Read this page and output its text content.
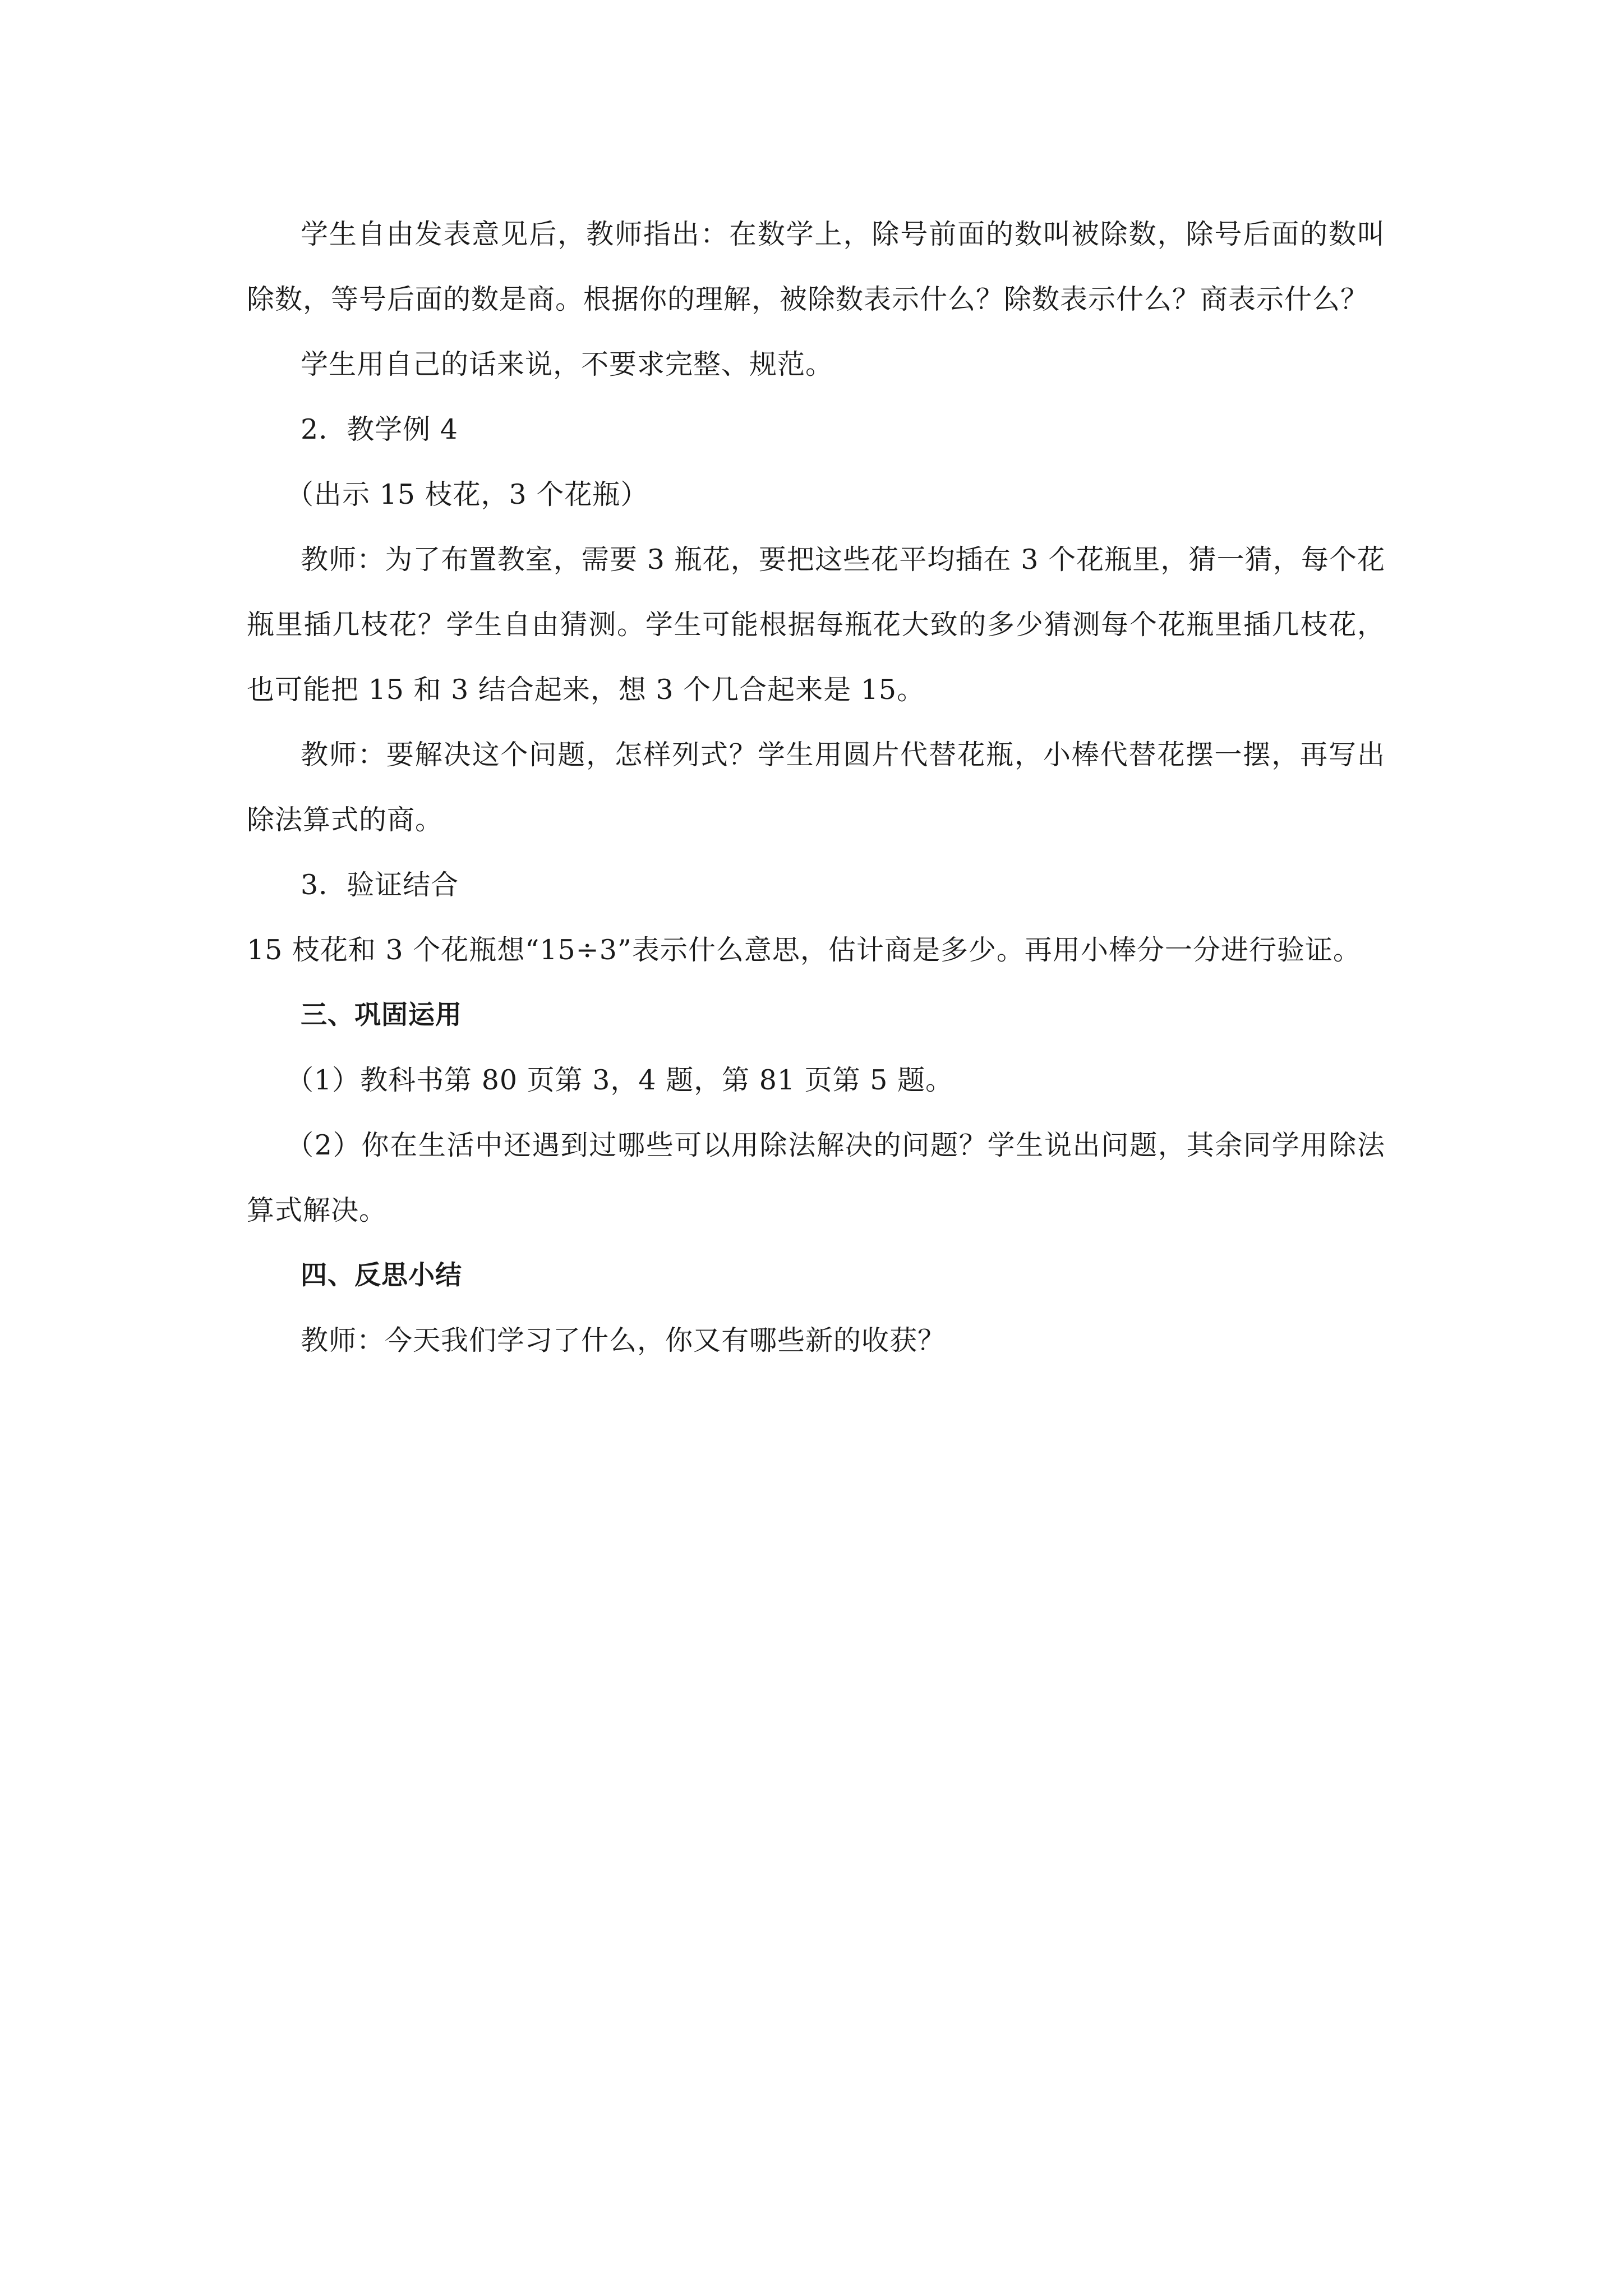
学生自由发表意见后，教师指出：在数学上，除号前面的数叫被除数，除号后面的数叫除数，等号后面的数是商。根据你的理解，被除数表示什么？除数表示什么？商表示什么？

学生用自己的话来说，不要求完整、规范。

2．教学例 4

（出示 15 枝花，3 个花瓶）

教师：为了布置教室，需要 3 瓶花，要把这些花平均插在 3 个花瓶里，猜一猜，每个花瓶里插几枝花？学生自由猜测。学生可能根据每瓶花大致的多少猜测每个花瓶里插几枝花，也可能把 15 和 3 结合起来，想 3 个几合起来是 15。

教师：要解决这个问题，怎样列式？学生用圆片代替花瓶，小棒代替花摆一摆，再写出除法算式的商。

3．验证结合

15 枝花和 3 个花瓶想“15÷3”表示什么意思，估计商是多少。再用小棒分一分进行验证。

三、巩固运用

（1）教科书第 80 页第 3，4 题，第 81 页第 5 题。

（2）你在生活中还遇到过哪些可以用除法解决的问题？学生说出问题，其余同学用除法算式解决。

四、反思小结

教师：今天我们学习了什么，你又有哪些新的收获？
